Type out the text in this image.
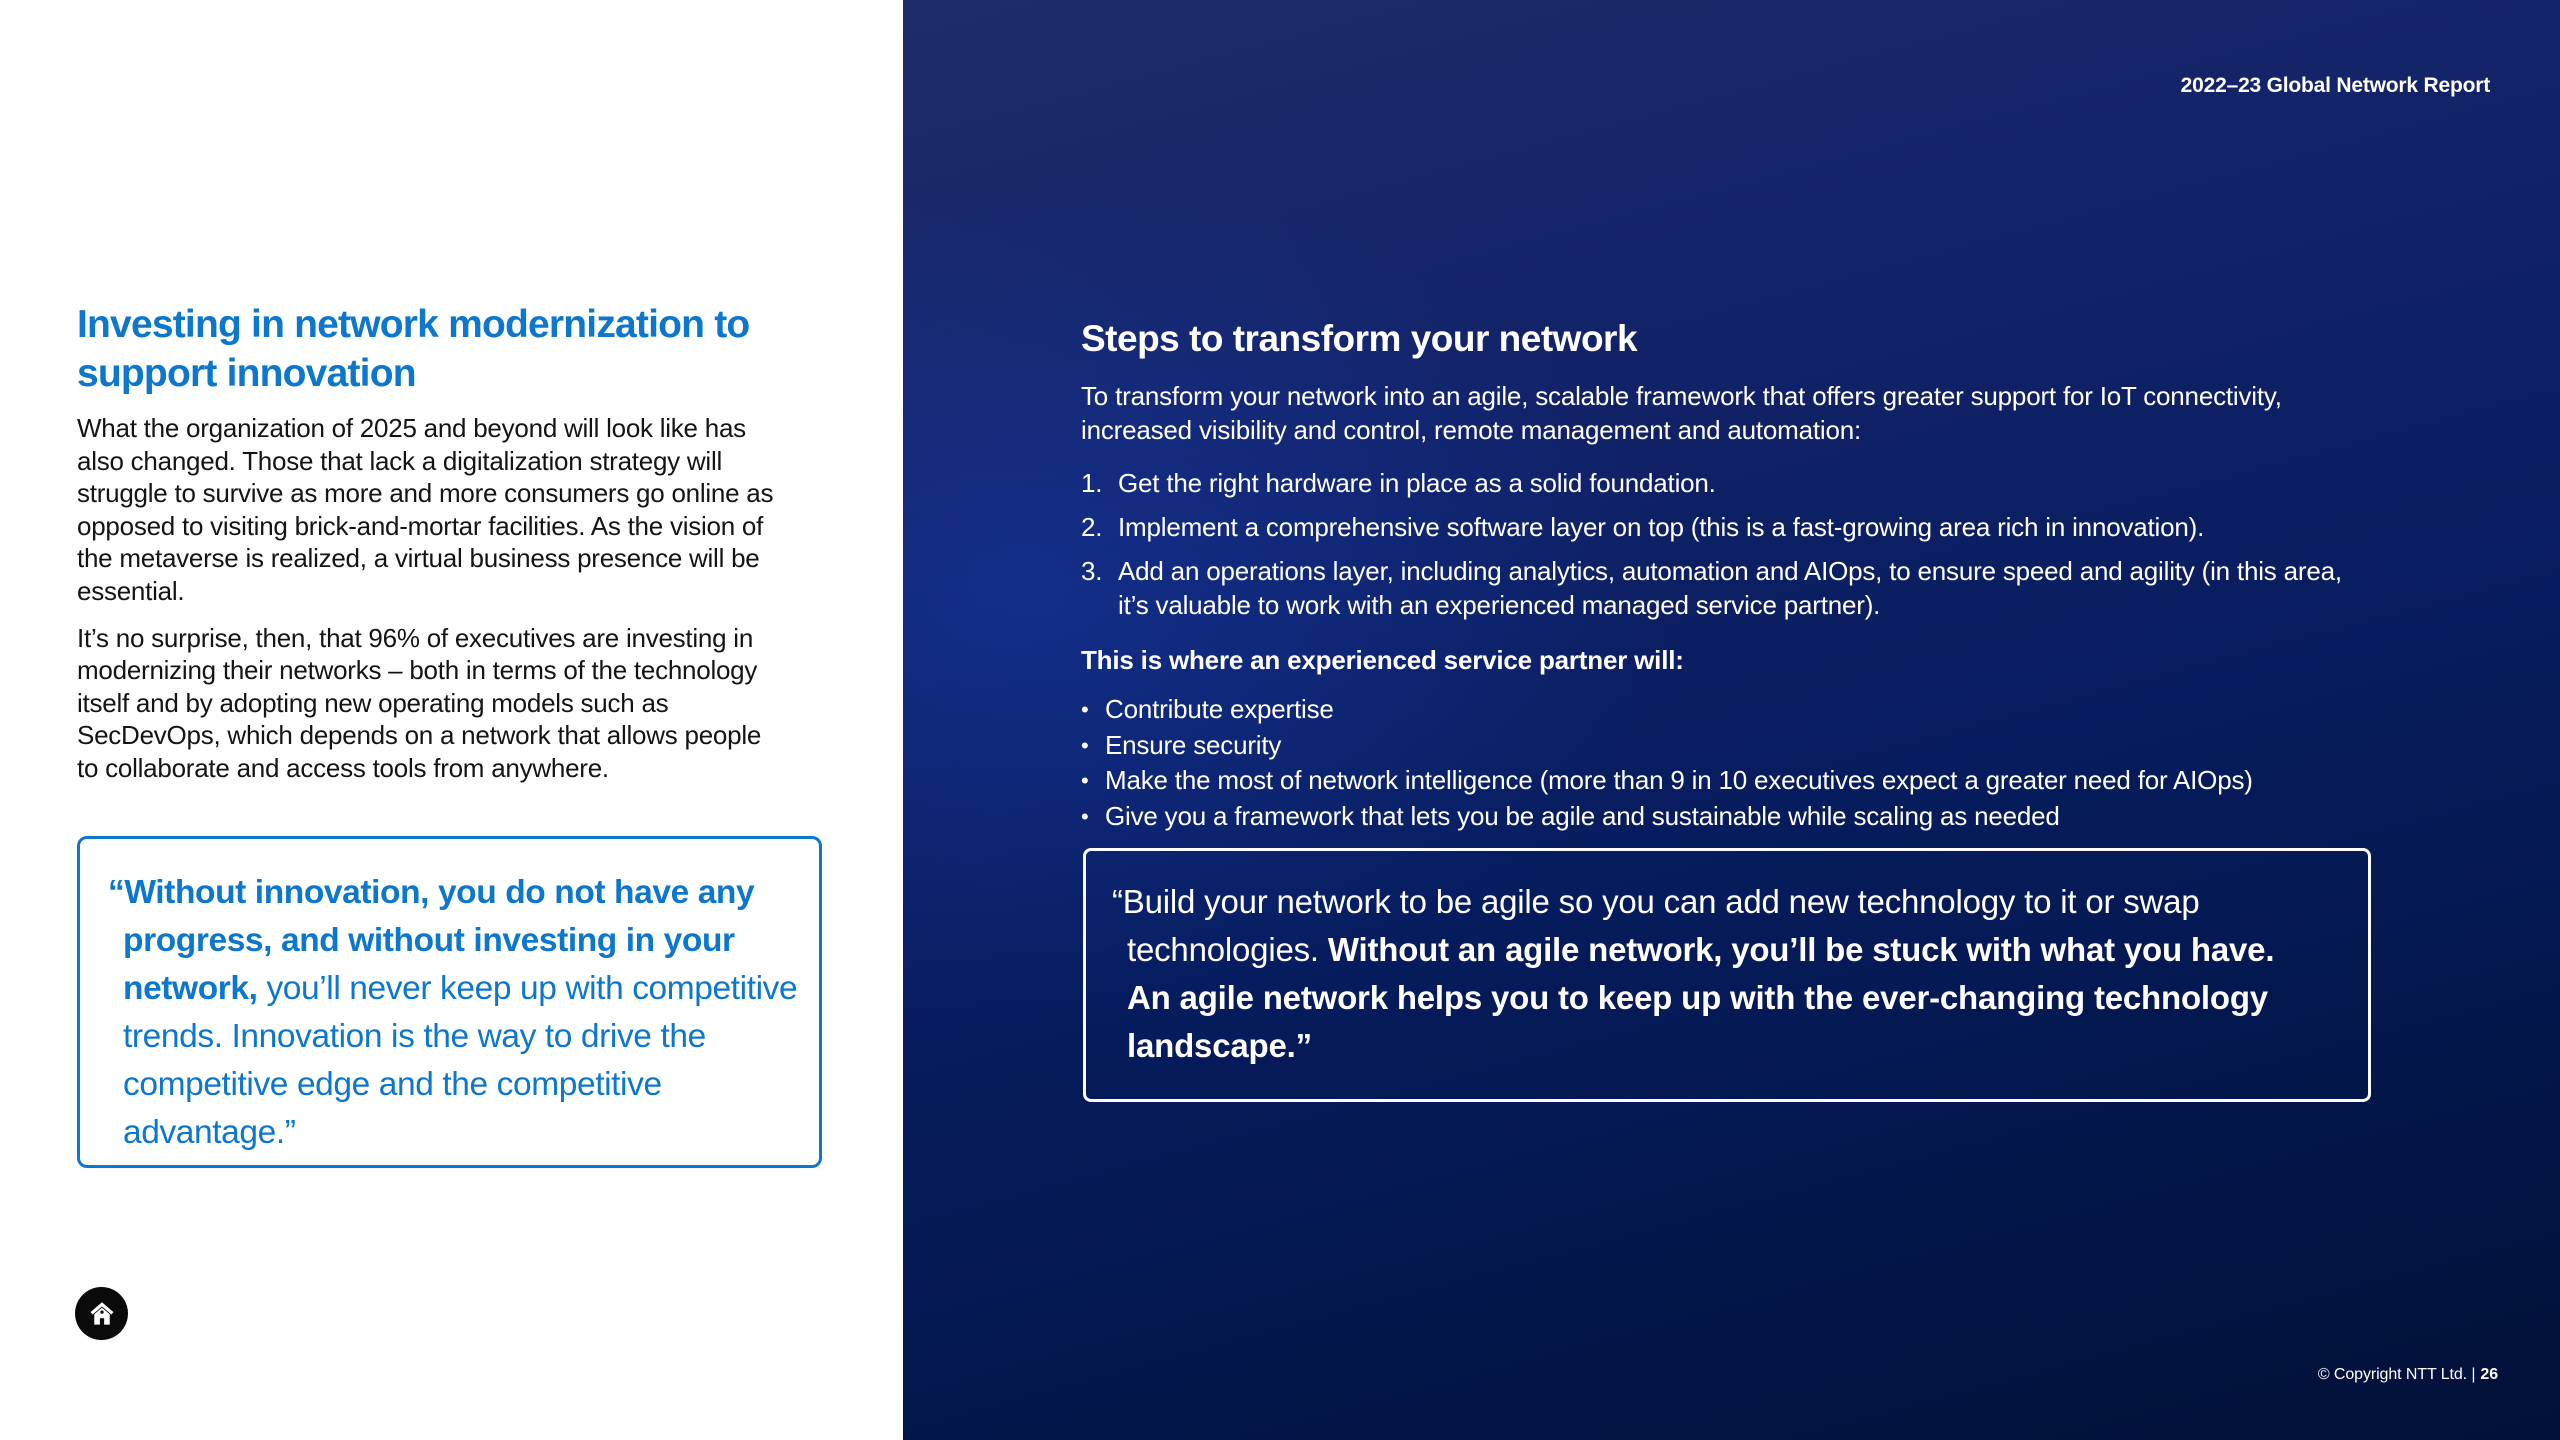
Investing in network modernization to support innovation

What the organization of 2025 and beyond will look like has also changed. Those that lack a digitalization strategy will struggle to survive as more and more consumers go online as opposed to visiting brick-and-mortar facilities. As the vision of the metaverse is realized, a virtual business presence will be essential.

It’s no surprise, then, that 96% of executives are investing in modernizing their networks – both in terms of the technology itself and by adopting new operating models such as SecDevOps, which depends on a network that allows people to collaborate and access tools from anywhere.

“Without innovation, you do not have any progress, and without investing in your network, you’ll never keep up with competitive trends. Innovation is the way to drive the competitive edge and the competitive advantage.”

2022–23 Global Network Report
Steps to transform your network

To transform your network into an agile, scalable framework that offers greater support for IoT connectivity, increased visibility and control, remote management and automation:

1. Get the right hardware in place as a solid foundation.
2. Implement a comprehensive software layer on top (this is a fast-growing area rich in innovation).
3. Add an operations layer, including analytics, automation and AIOps, to ensure speed and agility (in this area, it’s valuable to work with an experienced managed service partner).

This is where an experienced service partner will:

• Contribute expertise
• Ensure security
• Make the most of network intelligence (more than 9 in 10 executives expect a greater need for AIOps)
• Give you a framework that lets you be agile and sustainable while scaling as needed

“Build your network to be agile so you can add new technology to it or swap technologies. Without an agile network, you’ll be stuck with what you have. An agile network helps you to keep up with the ever-changing technology landscape.”

© Copyright NTT Ltd. | 26
